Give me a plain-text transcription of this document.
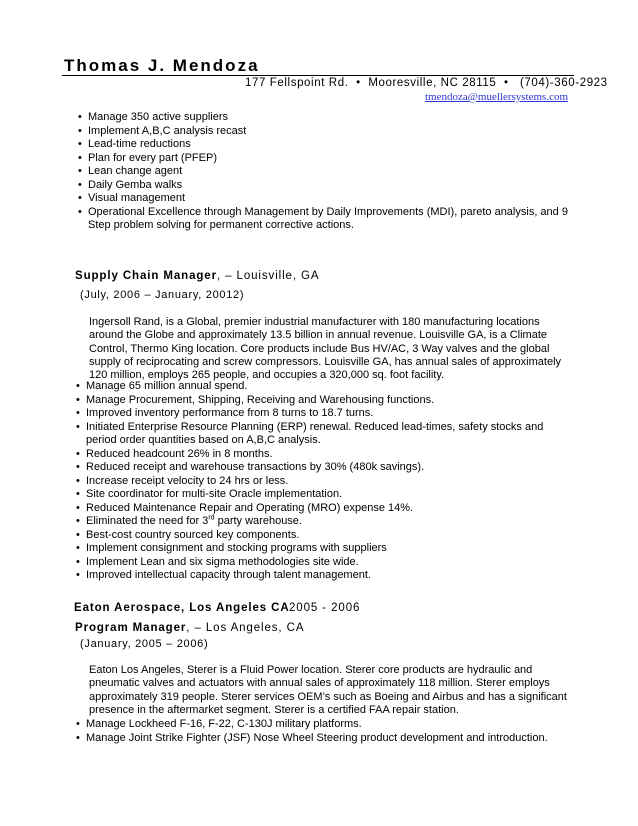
Thomas J. Mendoza
177 Fellspoint Rd.  •  Mooresville, NC 28115  •   (704)-360-2923
tmendoza@muellersystems.com
• Manage 350 active suppliers
• Implement A,B,C analysis recast
• Lead-time reductions
• Plan for every part (PFEP)
• Lean change agent
• Daily Gemba walks
• Visual management
• Operational Excellence through Management by Daily Improvements (MDI), pareto analysis, and 9 Step problem solving for permanent corrective actions.
Supply Chain Manager, – Louisville, GA
(July, 2006 – January, 20012)
Ingersoll Rand, is a Global, premier industrial manufacturer with 180 manufacturing locations around the Globe and approximately 13.5 billion in annual revenue. Louisville GA, is a Climate Control, Thermo King location. Core products include Bus HV/AC, 3 Way valves and the global supply of reciprocating and screw compressors. Louisville GA, has annual sales of approximately 120 million, employs 265 people, and occupies a 320,000 sq. foot facility.
• Manage 65 million annual spend.
• Manage Procurement, Shipping, Receiving and Warehousing functions.
• Improved inventory performance from 8 turns to 18.7 turns.
• Initiated Enterprise Resource Planning (ERP) renewal. Reduced lead-times, safety stocks and period order quantities based on A,B,C analysis.
• Reduced headcount 26% in 8 months.
• Reduced receipt and warehouse transactions by 30% (480k savings).
• Increase receipt velocity to 24 hrs or less.
• Site coordinator for multi-site Oracle implementation.
• Reduced Maintenance Repair and Operating (MRO) expense 14%.
• Eliminated the need for 3rd party warehouse.
• Best-cost country sourced key components.
• Implement consignment and stocking programs with suppliers
• Implement Lean and six sigma methodologies site wide.
• Improved intellectual capacity through talent management.
Eaton Aerospace, Los Angeles CA 2005 - 2006
Program Manager, – Los Angeles, CA
(January, 2005 – 2006)
Eaton Los Angeles, Sterer is a Fluid Power location. Sterer core products are hydraulic and pneumatic valves and actuators with annual sales of approximately 118 million. Sterer employs approximately 319 people. Sterer services OEM’s such as Boeing and Airbus and has a significant presence in the aftermarket segment. Sterer is a certified FAA repair station.
• Manage Lockheed F-16, F-22, C-130J military platforms.
• Manage Joint Strike Fighter (JSF) Nose Wheel Steering product development and introduction.
